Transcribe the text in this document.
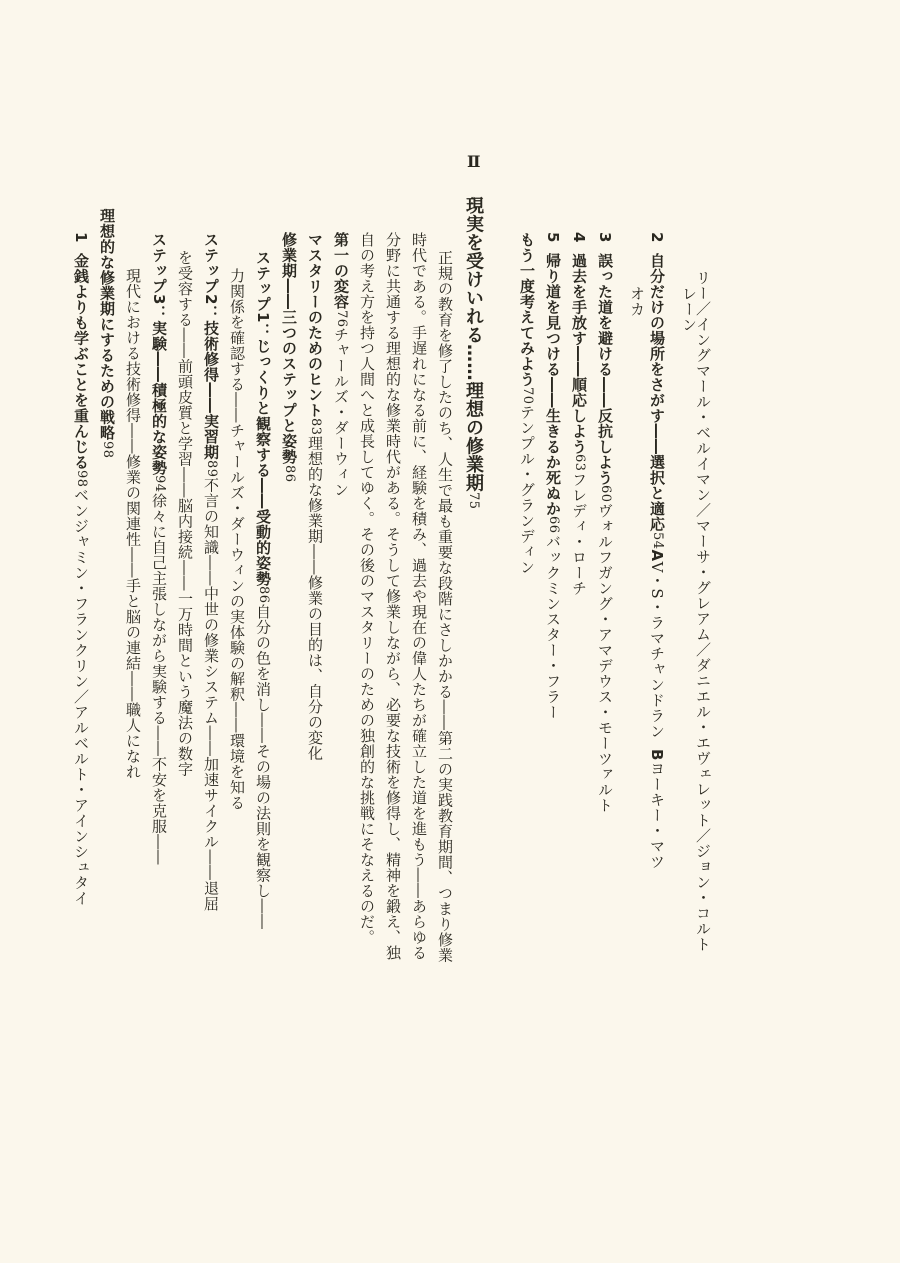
リー／イングマール・ベルイマン／マーサ・グレアム／ダニエル・エヴェレット／ジョン・コルト
レーン
2自分だけの場所をさがす――選択と適応54AV・S・ラマチャンドランBヨーキー・マツ
オカ
3誤った道を避ける――反抗しよう60ヴォルフガング・アマデウス・モーツァルト
4過去を手放す――順応しよう63フレディ・ローチ
5帰り道を見つける――生きるか死ぬか66バックミンスター・フラー
もう一度考えてみよう70テンプル・グランディン
Ⅱ
現実を受けいれる……理想の修業期75
正規の教育を修了したのち、人生で最も重要な段階にさしかかる――第二の実践教育期間、つまり修業
時代である。手遅れになる前に、経験を積み、過去や現在の偉人たちが確立した道を進もう――あらゆる
分野に共通する理想的な修業時代がある。そうして修業しながら、必要な技術を修得し、精神を鍛え、独
自の考え方を持つ人間へと成長してゆく。その後のマスタリーのための独創的な挑戦にそなえるのだ。
第一の変容76チャールズ・ダーウィン
マスタリーのためのヒント83理想的な修業期――修業の目的は、自分の変化
修業期――三つのステップと姿勢86
ステップ1：じっくりと観察する――受動的姿勢86自分の色を消し――その場の法則を観察し――
力関係を確認する――チャールズ・ダーウィンの実体験の解釈――環境を知る
ステップ2：技術修得――実習期89不言の知識――中世の修業システム――加速サイクル――退屈
を受容する――前頭皮質と学習――脳内接続――一万時間という魔法の数字
ステップ3：実験――積極的な姿勢94徐々に自己主張しながら実験する――不安を克服――
現代における技術修得――修業の関連性――手と脳の連結――職人になれ
理想的な修業期にするための戦略98
1金銭よりも学ぶことを重んじる98ベンジャミン・フランクリン／アルベルト・アインシュタイ
